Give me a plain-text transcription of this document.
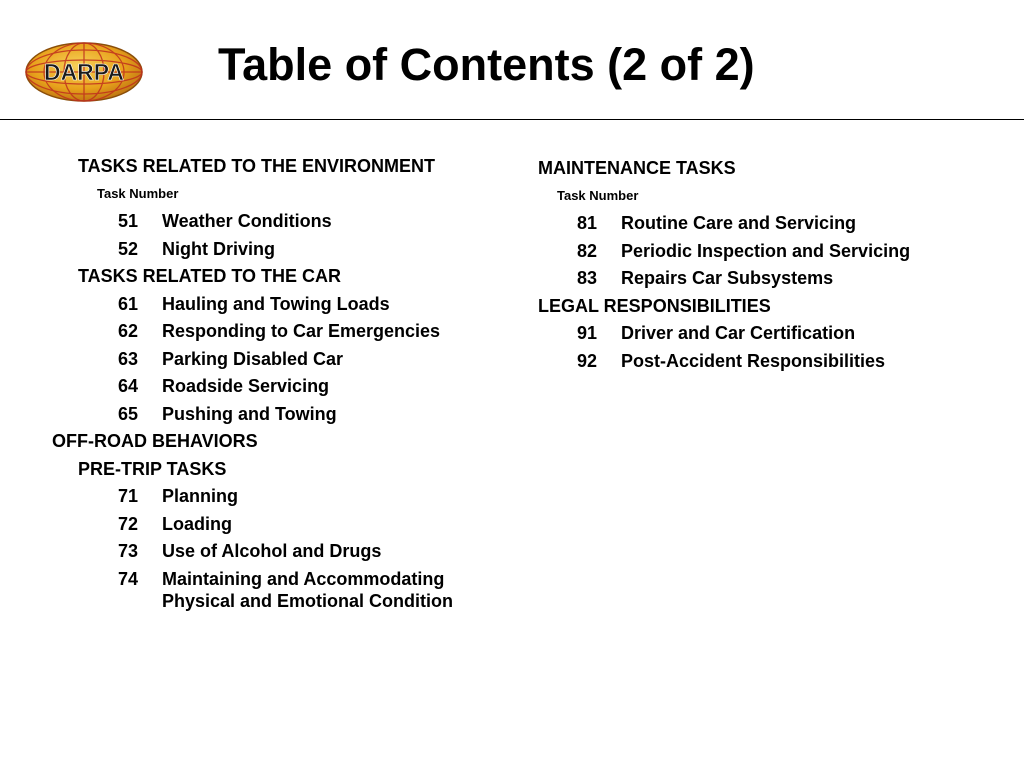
DARPA Table of Contents (2 of 2)
TASKS RELATED TO THE ENVIRONMENT
Task Number
51 Weather Conditions
52 Night Driving
TASKS RELATED TO THE CAR
61 Hauling and Towing Loads
62 Responding to Car Emergencies
63 Parking Disabled Car
64 Roadside Servicing
65 Pushing and Towing
OFF-ROAD BEHAVIORS
PRE-TRIP TASKS
71 Planning
72 Loading
73 Use of Alcohol and Drugs
74 Maintaining and Accommodating
Physical and Emotional Condition
MAINTENANCE TASKS
Task Number
81 Routine Care and Servicing
82 Periodic Inspection and Servicing
83 Repairs Car Subsystems
LEGAL RESPONSIBILITIES
91 Driver and Car Certification
92 Post-Accident Responsibilities
